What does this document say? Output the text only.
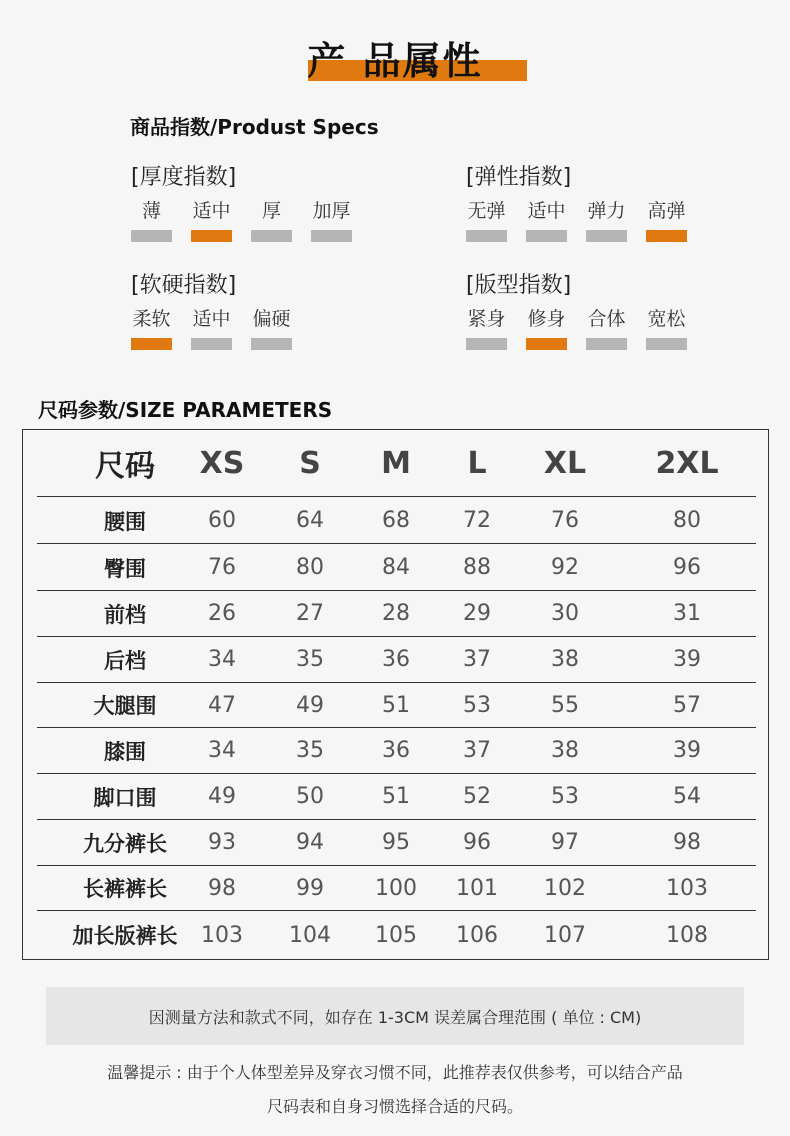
产 品属性
商品指数/Produst Specs
[厚度指数]
薄	适中	厚	加厚
[弹性指数]
无弹 适中 弹力 高弹
[软硬指数]
柔软 适中 偏硬
[版型指数]
紧身 修身 合体 宽松
尺码参数/SIZE PARAMETERS
尺码	XS	S	M	L	XL	2XL
腰围	60	64	68	72	76	80
臀围	76	80	84	88	92	96
前档	26	27	28	29	30	31
后档	34	35	36	37	38	39
大腿围	47	49	51	53	55	57
膝围	34	35	36	37	38	39
脚口围	49	50	51	52	53	54
九分裤长	93	94	95	96	97	98
长裤裤长	98	99	100	101	102	103
加长版裤长	103	104	105	106	107	108
因测量方法和款式不同，如存在 1-3CM 误差属合理范围 ( 单位 : CM)
温馨提示 : 由于个人体型差异及穿衣习惯不同，此推荐表仅供参考，可以结合产品
尺码表和自身习惯选择合适的尺码。
